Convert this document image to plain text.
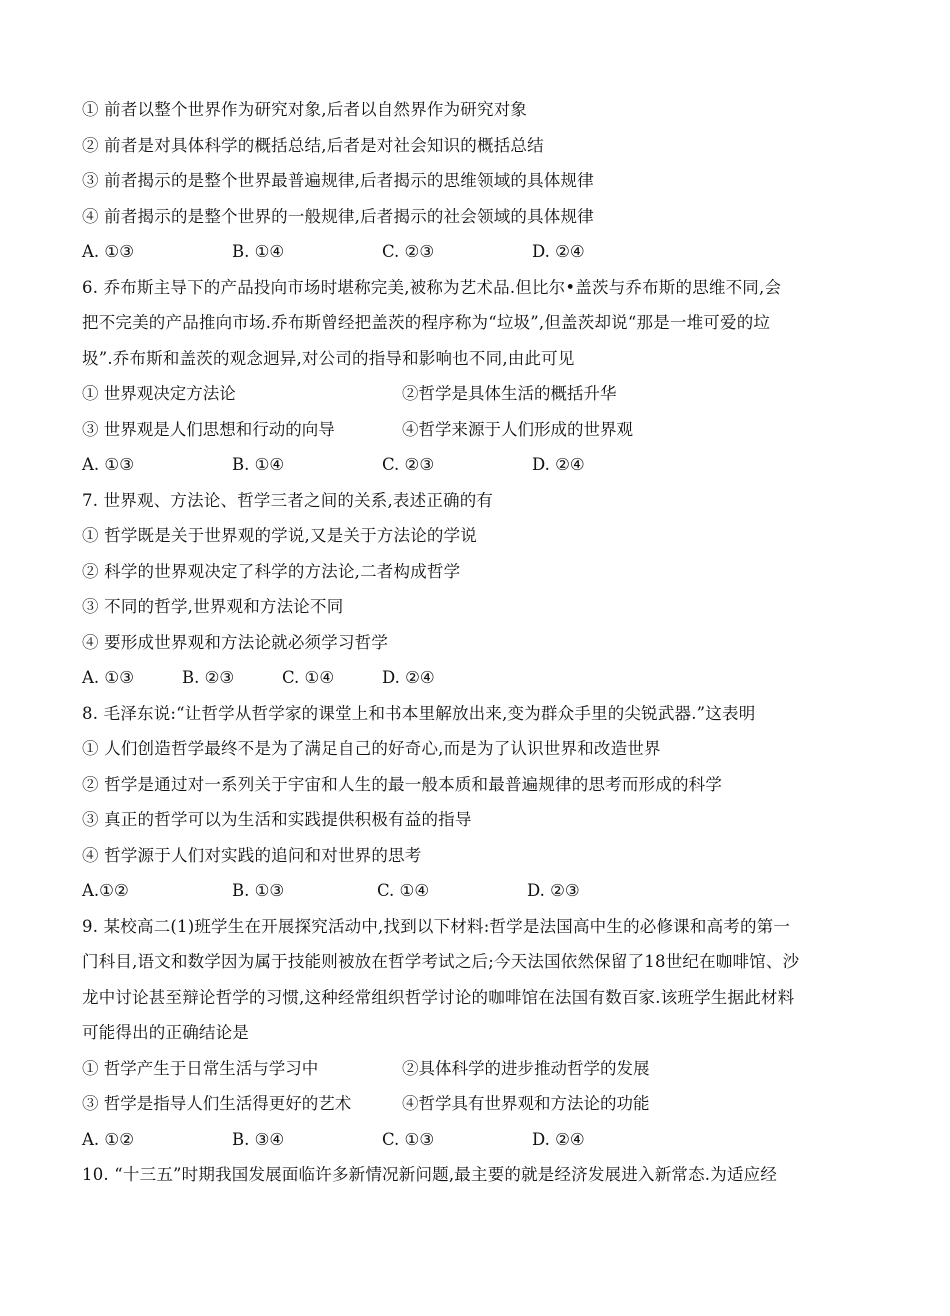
① 前者以整个世界作为研究对象,后者以自然界作为研究对象
② 前者是对具体科学的概括总结,后者是对社会知识的概括总结
③ 前者揭示的是整个世界最普遍规律,后者揭示的思维领域的具体规律
④ 前者揭示的是整个世界的一般规律,后者揭示的社会领域的具体规律
A. ①③	B. ①④	C. ②③	D. ②④
6. 乔布斯主导下的产品投向市场时堪称完美,被称为艺术品.但比尔•盖茨与乔布斯的思维不同,会
把不完美的产品推向市场.乔布斯曾经把盖茨的程序称为“垃圾”,但盖茨却说“那是一堆可爱的垃
圾”.乔布斯和盖茨的观念迥异,对公司的指导和影响也不同,由此可见
① 世界观决定方法论	②哲学是具体生活的概括升华
③ 世界观是人们思想和行动的向导	④哲学来源于人们形成的世界观
A. ①③	B. ①④	C. ②③	D. ②④
7. 世界观、方法论、哲学三者之间的关系,表述正确的有
① 哲学既是关于世界观的学说,又是关于方法论的学说
② 科学的世界观决定了科学的方法论,二者构成哲学
③ 不同的哲学,世界观和方法论不同
④ 要形成世界观和方法论就必须学习哲学
A. ①③	B. ②③	C. ①④	D. ②④
8. 毛泽东说:“让哲学从哲学家的课堂上和书本里解放出来,变为群众手里的尖锐武器.”这表明
① 人们创造哲学最终不是为了满足自己的好奇心,而是为了认识世界和改造世界
② 哲学是通过对一系列关于宇宙和人生的最一般本质和最普遍规律的思考而形成的科学
③ 真正的哲学可以为生活和实践提供积极有益的指导
④ 哲学源于人们对实践的追问和对世界的思考
A.①②	B. ①③	C. ①④	D. ②③
9. 某校高二(1)班学生在开展探究活动中,找到以下材料:哲学是法国高中生的必修课和高考的第一
门科目,语文和数学因为属于技能则被放在哲学考试之后;今天法国依然保留了18世纪在咖啡馆、沙
龙中讨论甚至辩论哲学的习惯,这种经常组织哲学讨论的咖啡馆在法国有数百家.该班学生据此材料
可能得出的正确结论是
① 哲学产生于日常生活与学习中	②具体科学的进步推动哲学的发展
③ 哲学是指导人们生活得更好的艺术	④哲学具有世界观和方法论的功能
A. ①②	B. ③④	C. ①③	D. ②④
10. “十三五”时期我国发展面临许多新情况新问题,最主要的就是经济发展进入新常态.为适应经
